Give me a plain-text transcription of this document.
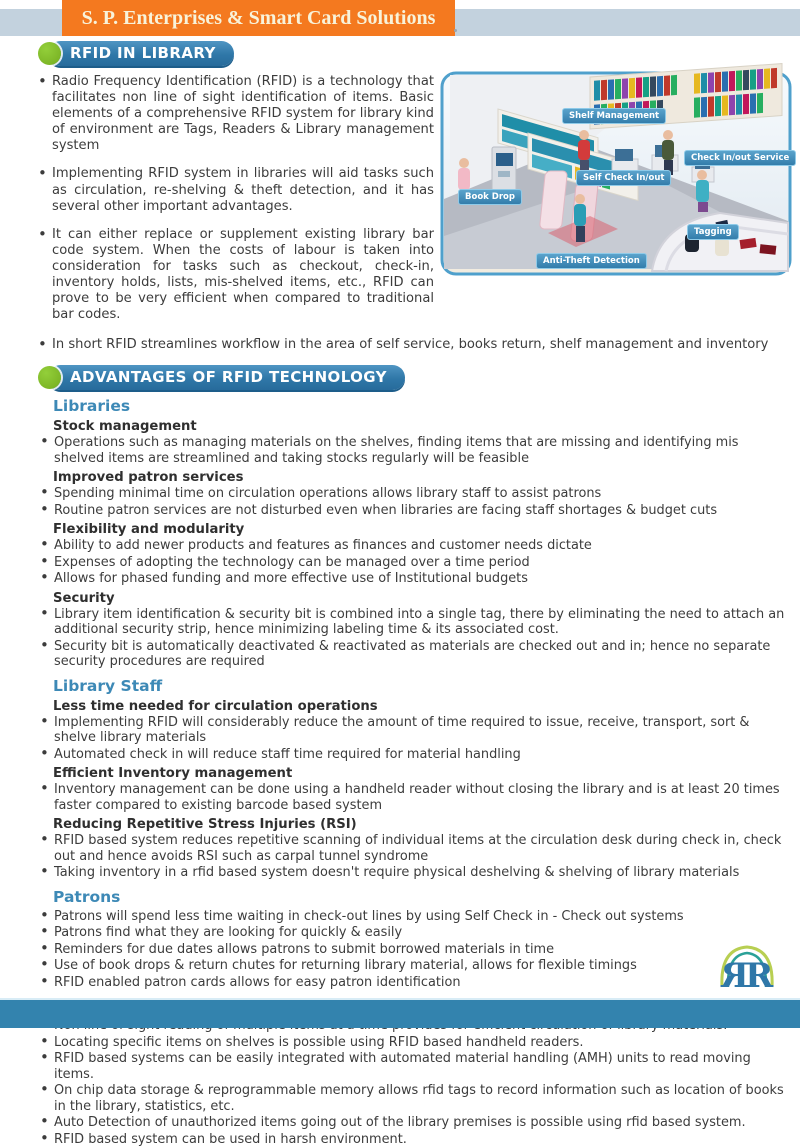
S. P. Enterprises & Smart Card Solutions
RFID IN LIBRARY
• Radio Frequency Identification (RFID) is a technology that facilitates non line of sight identification of items. Basic elements of a comprehensive RFID system for library kind of environment are Tags, Readers & Library management system
• Implementing RFID system in libraries will aid tasks such as circulation, re-shelving & theft detection, and it has several other important advantages.
• It can either replace or supplement existing library bar code system. When the costs of labour is taken into consideration for tasks such as checkout, check-in, inventory holds, lists, mis-shelved items, etc., RFID can prove to be very efficient when compared to traditional bar codes.
Shelf Management
Check In/out Service
Self Check In/out
Book Drop
Tagging
Anti-Theft Detection
• In short RFID streamlines workflow in the area of self service, books return, shelf management and inventory
ADVANTAGES OF RFID TECHNOLOGY
Libraries
Stock management
• Operations such as managing materials on the shelves, finding items that are missing and identifying mis shelved items are streamlined and taking stocks regularly will be feasible
Improved patron services
• Spending minimal time on circulation operations allows library staff to assist patrons
• Routine patron services are not disturbed even when libraries are facing staff shortages & budget cuts
Flexibility and modularity
• Ability to add newer products and features as finances and customer needs dictate
• Expenses of adopting the technology can be managed over a time period
• Allows for phased funding and more effective use of Institutional budgets
Security
• Library item identification & security bit is combined into a single tag, there by eliminating the need to attach an additional security strip, hence minimizing labeling time & its associated cost.
• Security bit is automatically deactivated & reactivated as materials are checked out and in; hence no separate security procedures are required
Library Staff
Less time needed for circulation operations
• Implementing RFID will considerably reduce the amount of time required to issue, receive, transport, sort & shelve library materials
• Automated check in will reduce staff time required for material handling
Efficient Inventory management
• Inventory management can be done using a handheld reader without closing the library and is at least 20 times faster compared to existing barcode based system
Reducing Repetitive Stress Injuries (RSI)
• RFID based system reduces repetitive scanning of individual items at the circulation desk during check in, check out and hence avoids RSI such as carpal tunnel syndrome
• Taking inventory in a rfid based system doesn't require physical deshelving & shelving of library materials
Patrons
• Patrons will spend less time waiting in check-out lines by using Self Check in - Check out systems
• Patrons find what they are looking for quickly & easily
• Reminders for due dates allows patrons to submit borrowed materials in time
• Use of book drops & return chutes for returning library material, allows for flexible timings
• RFID enabled patron cards allows for easy patron identification
•
• Locating specific items on shelves is possible using RFID based handheld readers.
• RFID based systems can be easily integrated with automated material handling (AMH) units to read moving items.
• On chip data storage & reprogrammable memory allows rfid tags to record information such as location of books in the library, statistics, etc.
• Auto Detection of unauthorized items going out of the library premises is possible using rfid based system.
• RFID based system can be used in harsh environment.
R
R
